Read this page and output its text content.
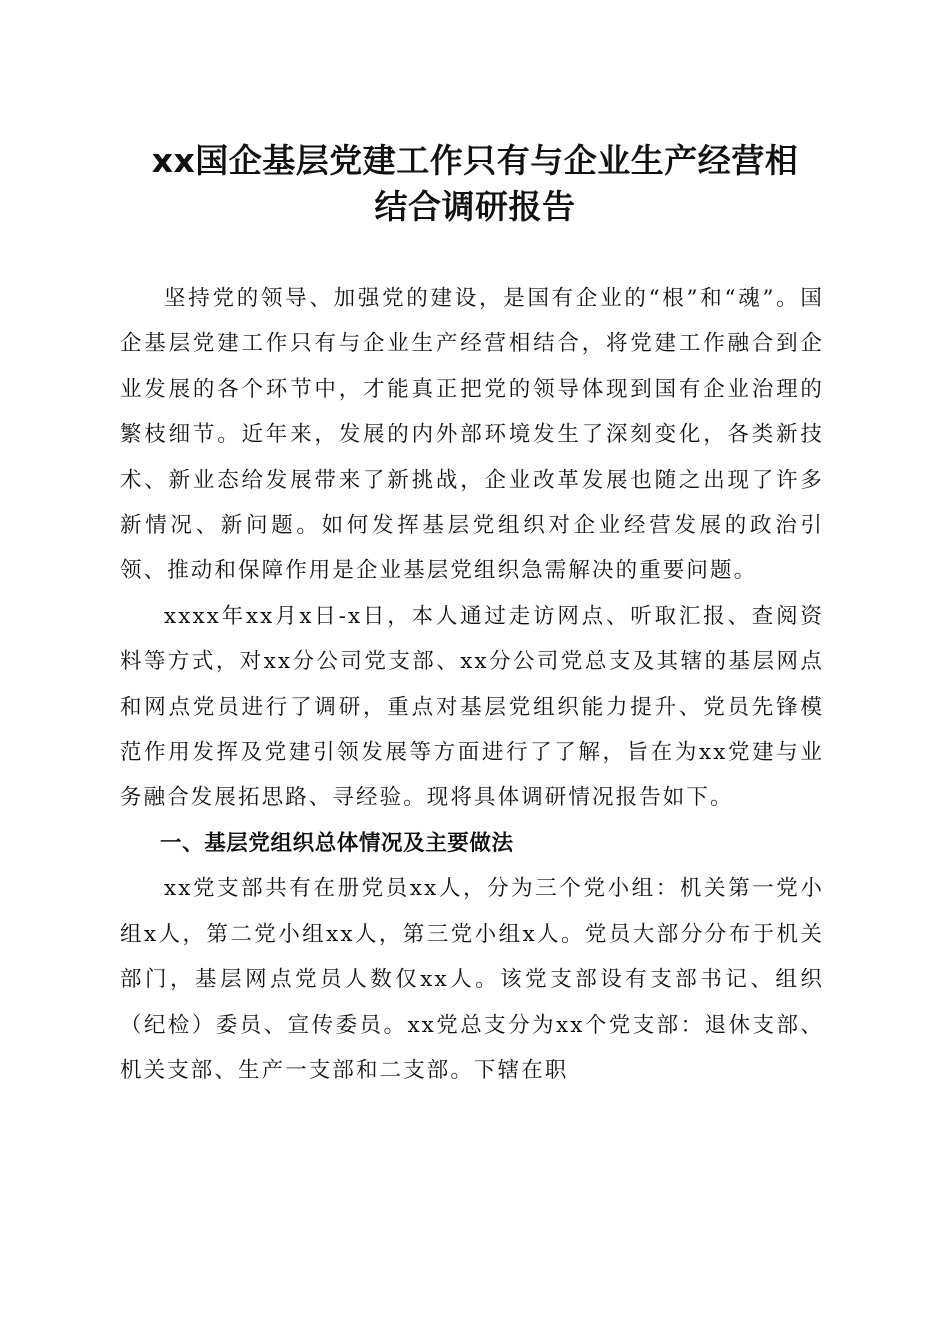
xx国企基层党建工作只有与企业生产经营相
结合调研报告

坚持党的领导、加强党的建设，是国有企业的“根”和“魂”。国企基层党建工作只有与企业生产经营相结合，将党建工作融合到企业发展的各个环节中，才能真正把党的领导体现到国有企业治理的繁枝细节。近年来，发展的内外部环境发生了深刻变化，各类新技术、新业态给发展带来了新挑战，企业改革发展也随之出现了许多新情况、新问题。如何发挥基层党组织对企业经营发展的政治引领、推动和保障作用是企业基层党组织急需解决的重要问题。

xxxx年xx月x日-x日，本人通过走访网点、听取汇报、查阅资料等方式，对xx分公司党支部、xx分公司党总支及其辖的基层网点和网点党员进行了调研，重点对基层党组织能力提升、党员先锋模范作用发挥及党建引领发展等方面进行了了解，旨在为xx党建与业务融合发展拓思路、寻经验。现将具体调研情况报告如下。

一、基层党组织总体情况及主要做法

xx党支部共有在册党员xx人，分为三个党小组：机关第一党小组x人，第二党小组xx人，第三党小组x人。党员大部分分布于机关部门，基层网点党员人数仅xx人。该党支部设有支部书记、组织（纪检）委员、宣传委员。xx党总支分为xx个党支部：退休支部、机关支部、生产一支部和二支部。下辖在职
